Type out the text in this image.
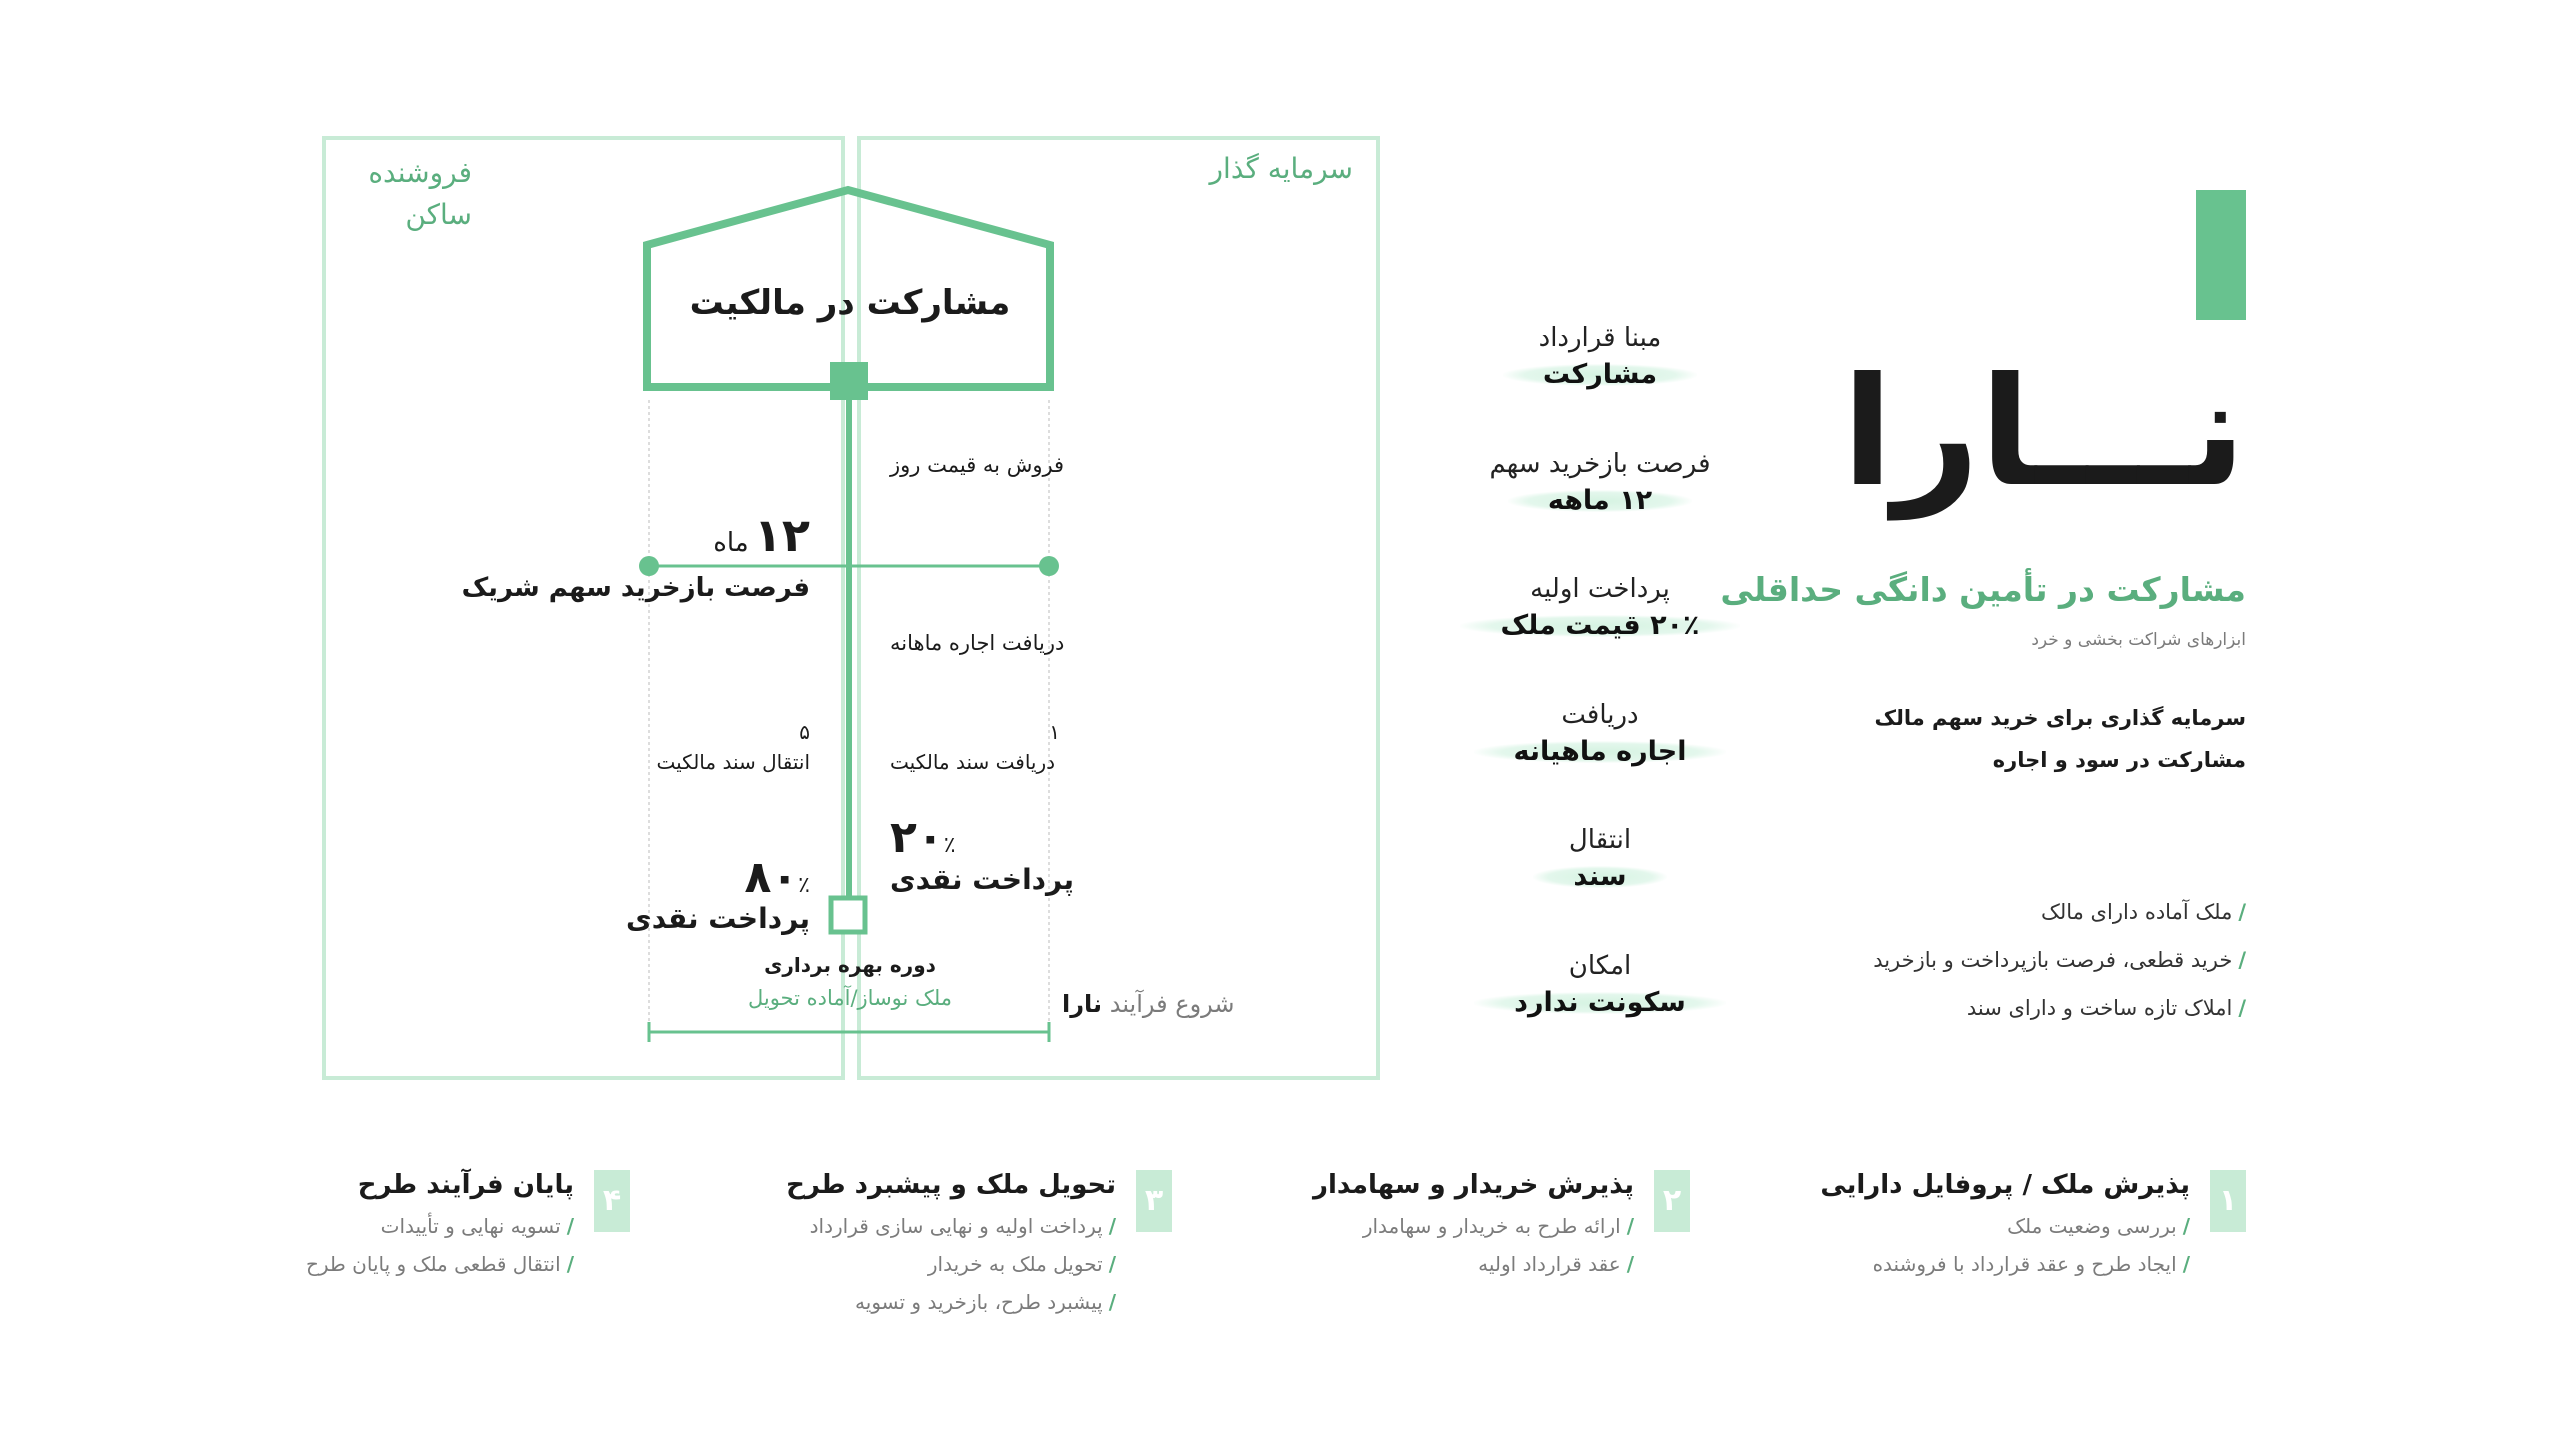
سرمایه گذار
فروشنده
ساکن
مشارکت در مالکیت
فروش به قیمت روز
۱۲ ماه
فرصت بازخرید سهم شریک
دریافت اجاره ماهانه
۵
انتقال سند مالکیت
۱
دریافت سند مالکیت
۲۰٪
پرداخت نقدی
۸۰٪
پرداخت نقدی
دوره بهره برداری
ملک نوساز/آماده تحویل	شروع فرآیند نارا
مبنا قرارداد
مشارکت
فرصت بازخرید سهم
۱۲ ماهه
پرداخت اولیه
۲۰٪ قیمت ملک
دریافت
اجاره ماهیانه
انتقال
سند
امکان
سکونت ندارد
نـــارا
مشارکت در تأمین دانگی حداقلی
ابزارهای شراکت بخشی و خرد
سرمایه گذاری برای خرید سهم مالک
مشارکت در سود و اجاره
/ملک آماده دارای مالک
/خرید قطعی، فرصت بازپرداخت و بازخرید
/املاک تازه ساخت و دارای سند
۱
پذیرش ملک / پروفایل دارایی
/بررسی وضعیت ملک
/ایجاد طرح و عقد قرارداد با فروشنده
۲
پذیرش خریدار و سهامدار
/ارائه طرح به خریدار و سهامدار
/عقد قرارداد اولیه
۳
تحویل ملک و پیشبرد طرح
/پرداخت اولیه و نهایی سازی قرارداد
/تحویل ملک به خریدار
/پیشبرد طرح، بازخرید و تسویه
۴
پایان فرآیند طرح
/تسویه نهایی و تأییدات
/انتقال قطعی ملک و پایان طرح
